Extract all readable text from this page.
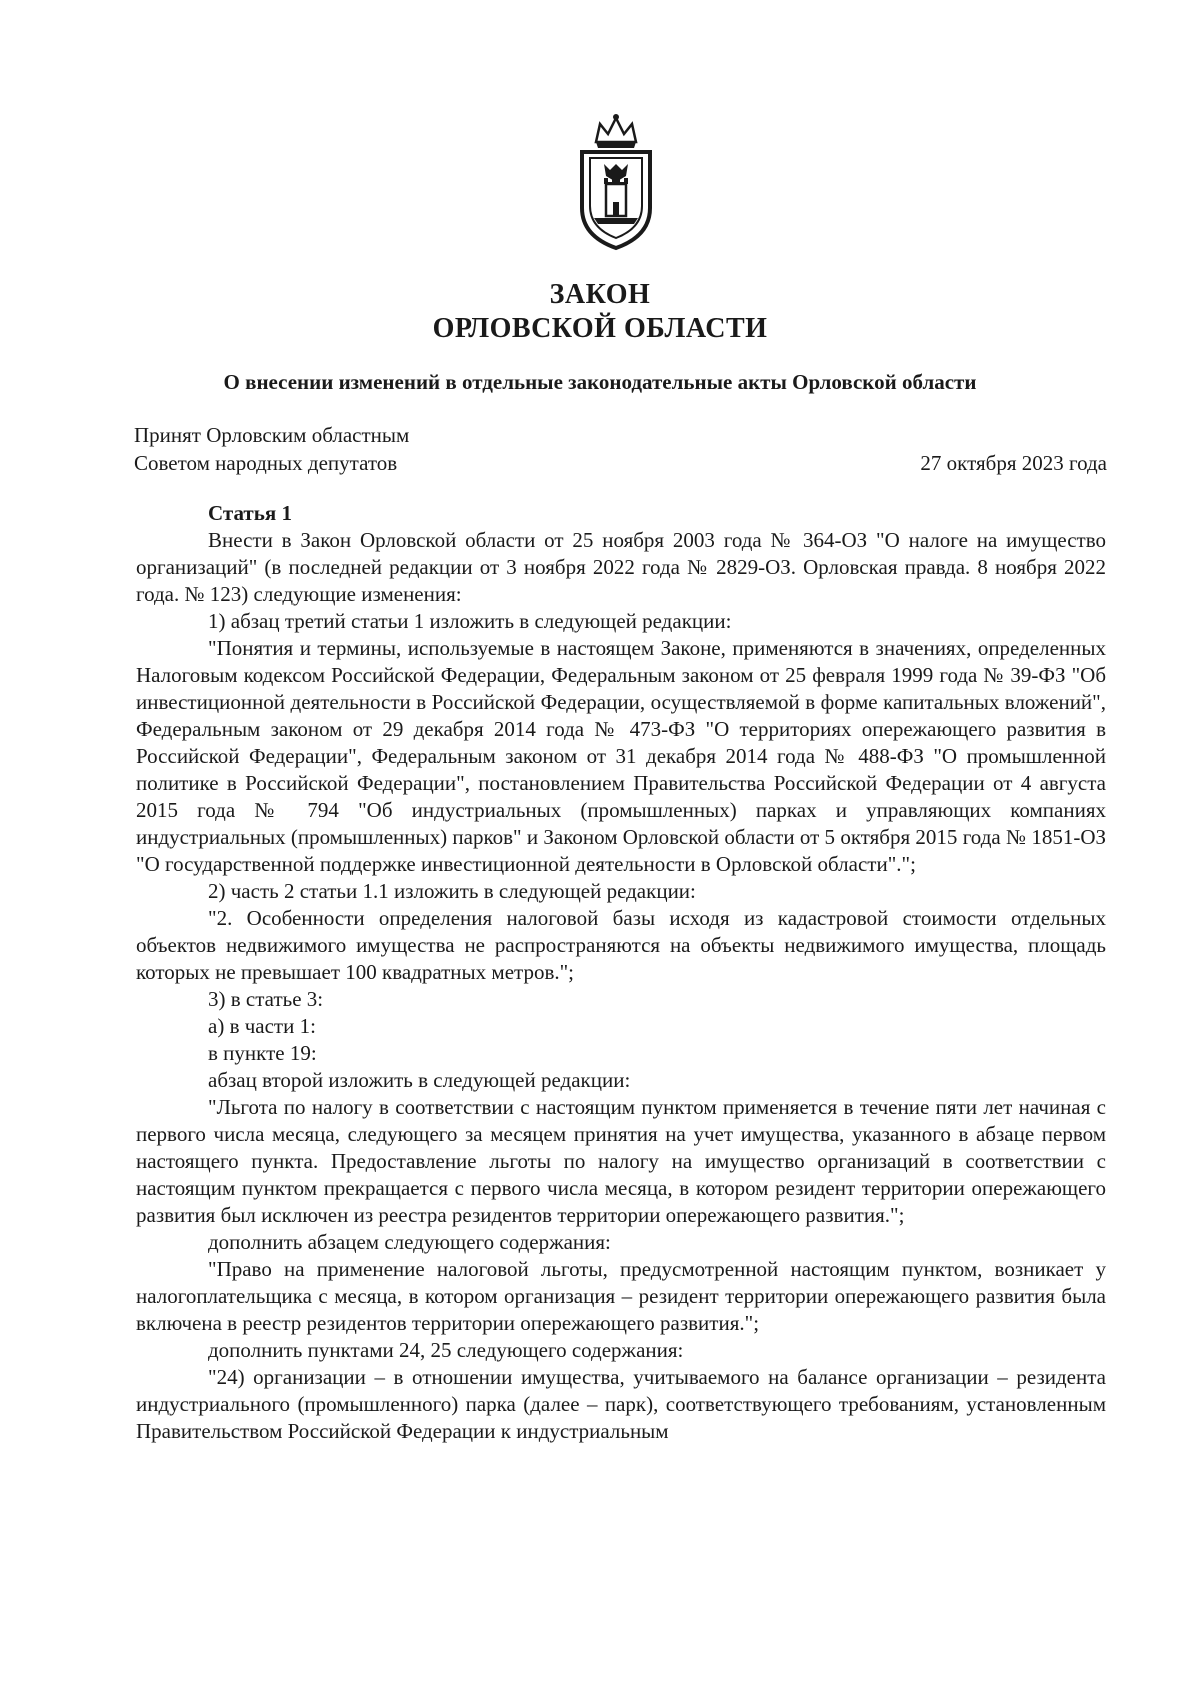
ЗАКОН
ОРЛОВСКОЙ ОБЛАСТИ
О внесении изменений в отдельные законодательные акты Орловской области
Принят Орловским областным
Советом народных депутатов	27 октября 2023 года

Статья 1

Внести в Закон Орловской области от 25 ноября 2003 года № 364-ОЗ "О налоге на имущество организаций" (в последней редакции от 3 ноября 2022 года № 2829-ОЗ. Орловская правда. 8 ноября 2022 года. № 123) следующие изменения:

1) абзац третий статьи 1 изложить в следующей редакции:

"Понятия и термины, используемые в настоящем Законе, применяются в значениях, определенных Налоговым кодексом Российской Федерации, Федеральным законом от 25 февраля 1999 года № 39-ФЗ "Об инвестиционной деятельности в Российской Федерации, осуществляемой в форме капитальных вложений", Федеральным законом от 29 декабря 2014 года № 473-ФЗ "О территориях опережающего развития в Российской Федерации", Федеральным законом от 31 декабря 2014 года № 488-ФЗ "О промышленной политике в Российской Федерации", постановлением Правительства Российской Федерации от 4 августа 2015 года № 794 "Об индустриальных (промышленных) парках и управляющих компаниях индустриальных (промышленных) парков" и Законом Орловской области от 5 октября 2015 года № 1851-ОЗ "О государственной поддержке инвестиционной деятельности в Орловской области".";

2) часть 2 статьи 1.1 изложить в следующей редакции:

"2. Особенности определения налоговой базы исходя из кадастровой стоимости отдельных объектов недвижимого имущества не распространяются на объекты недвижимого имущества, площадь которых не превышает 100 квадратных метров.";

3) в статье 3:

а) в части 1:

в пункте 19:

абзац второй изложить в следующей редакции:

"Льгота по налогу в соответствии с настоящим пунктом применяется в течение пяти лет начиная с первого числа месяца, следующего за месяцем принятия на учет имущества, указанного в абзаце первом настоящего пункта. Предоставление льготы по налогу на имущество организаций в соответствии с настоящим пунктом прекращается с первого числа месяца, в котором резидент территории опережающего развития был исключен из реестра резидентов территории опережающего развития.";

дополнить абзацем следующего содержания:

"Право на применение налоговой льготы, предусмотренной настоящим пунктом, возникает у налогоплательщика с месяца, в котором организация – резидент территории опережающего развития была включена в реестр резидентов территории опережающего развития.";

дополнить пунктами 24, 25 следующего содержания:

"24) организации – в отношении имущества, учитываемого на балансе организации – резидента индустриального (промышленного) парка (далее – парк), соответствующего требованиям, установленным Правительством Российской Федерации к индустриальным
